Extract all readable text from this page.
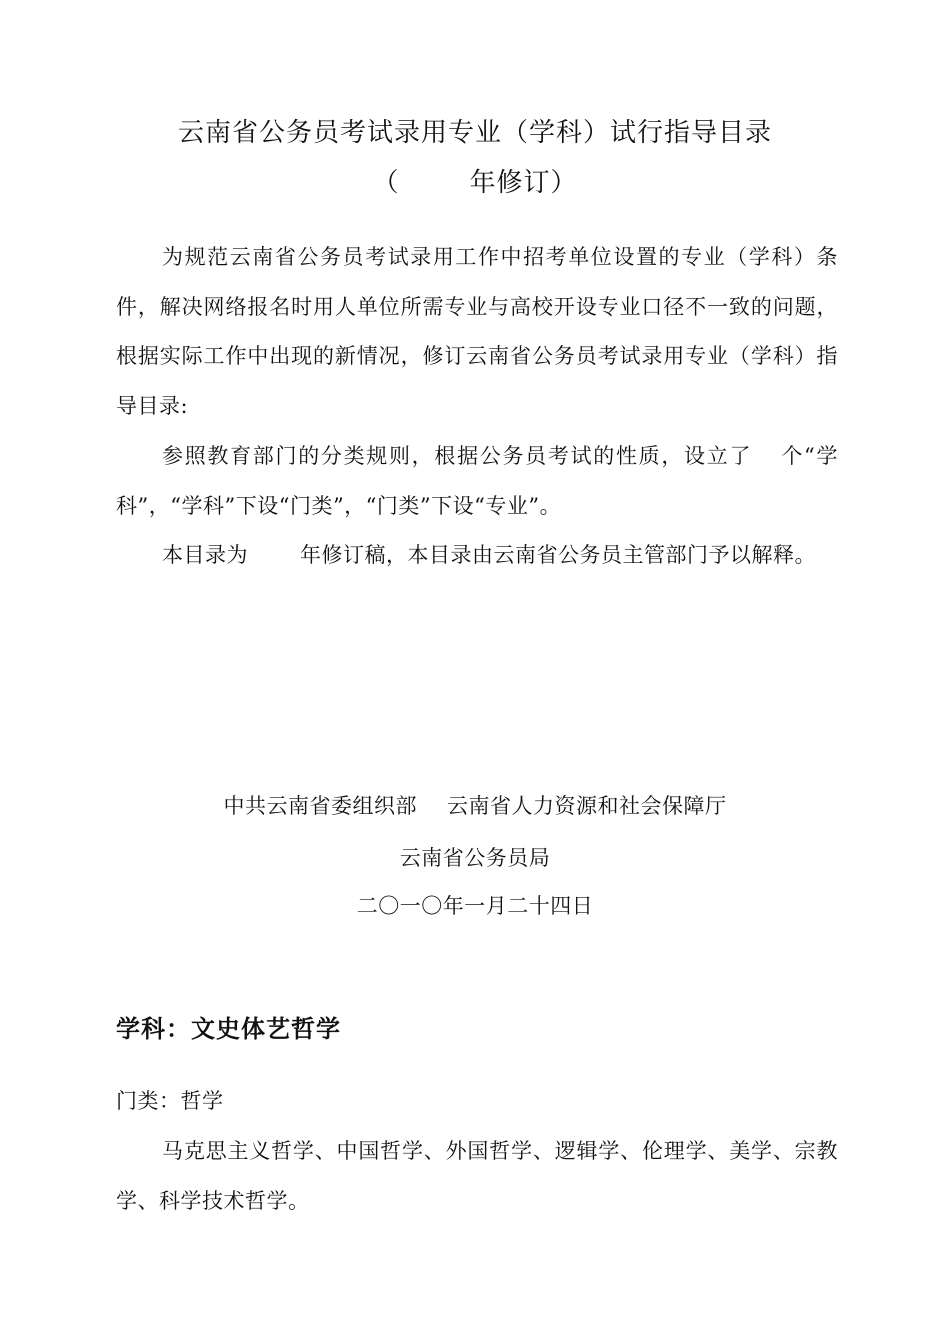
云南省公务员考试录用专业（学科）试行指导目录
（	年修订）

为规范云南省公务员考试录用工作中招考单位设置的专业（学科）条件，解决网络报名时用人单位所需专业与高校开设专业口径不一致的问题，根据实际工作中出现的新情况，修订云南省公务员考试录用专业（学科）指导目录:

参照教育部门的分类规则，根据公务员考试的性质，设立了 个“学科”，“学科”下设“门类”，“门类”下设“专业”。

本目录为 年修订稿，本目录由云南省公务员主管部门予以解释。

中共云南省委组织部 云南省人力资源和社会保障厅
云南省公务员局
二〇一〇年一月二十四日
学科：文史体艺哲学
门类：哲学

马克思主义哲学、中国哲学、外国哲学、逻辑学、伦理学、美学、宗教学、科学技术哲学。
